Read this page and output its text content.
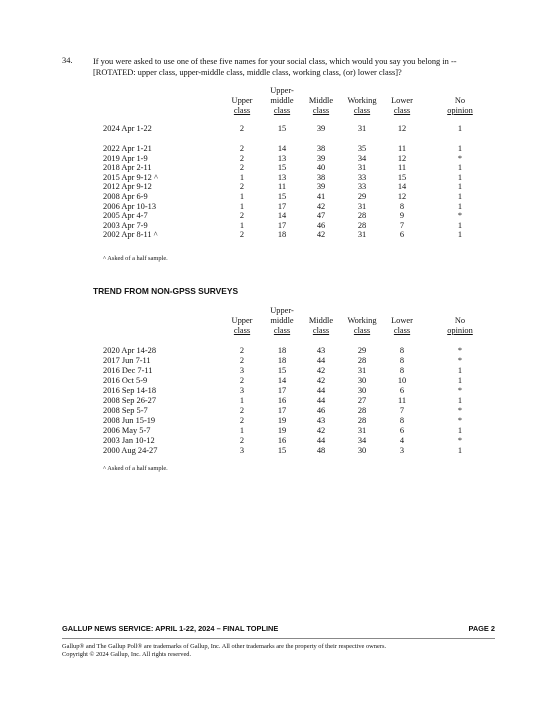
34. If you were asked to use one of these five names for your social class, which would you say you belong in -- [ROTATED: upper class, upper-middle class, middle class, working class, (or) lower class]?

Upper
class
Upper-
middle
class

Middle
class

Working
class

Lower
class

No
opinion
2024 Apr 1-22	2	15	39	31	12	1
2022 Apr 1-21	2	14	38	35	11	1
2019 Apr 1-9	2	13	39	34	12	*
2018 Apr 2-11	2	15	40	31	11	1
2015 Apr 9-12 ^	1	13	38	33	15	1
2012 Apr 9-12	2	11	39	33	14	1
2008 Apr 6-9	1	15	41	29	12	1
2006 Apr 10-13	1	17	42	31	8	1
2005 Apr 4-7	2	14	47	28	9	*
2003 Apr 7-9	1	17	46	28	7	1
2002 Apr 8-11 ^	2	18	42	31	6	1
^ Asked of a half sample.
TREND FROM NON-GPSS SURVEYS

Upper
class
Upper-
middle
class

Middle
class

Working
class

Lower
class

No
opinion
2020 Apr 14-28	2	18	43	29	8	*
2017 Jun 7-11	2	18	44	28	8	*
2016 Dec 7-11	3	15	42	31	8	1
2016 Oct 5-9	2	14	42	30	10	1
2016 Sep 14-18	3	17	44	30	6	*
2008 Sep 26-27	1	16	44	27	11	1
2008 Sep 5-7	2	17	46	28	7	*
2008 Jun 15-19	2	19	43	28	8	*
2006 May 5-7	1	19	42	31	6	1
2003 Jan 10-12	2	16	44	34	4	*
2000 Aug 24-27	3	15	48	30	3	1
^ Asked of a half sample.
GALLUP NEWS SERVICE: APRIL 1-22, 2024 – FINAL TOPLINE	PAGE 2
Gallup® and The Gallup Poll® are trademarks of Gallup, Inc. All other trademarks are the property of their respective owners.
Copyright © 2024 Gallup, Inc. All rights reserved.
